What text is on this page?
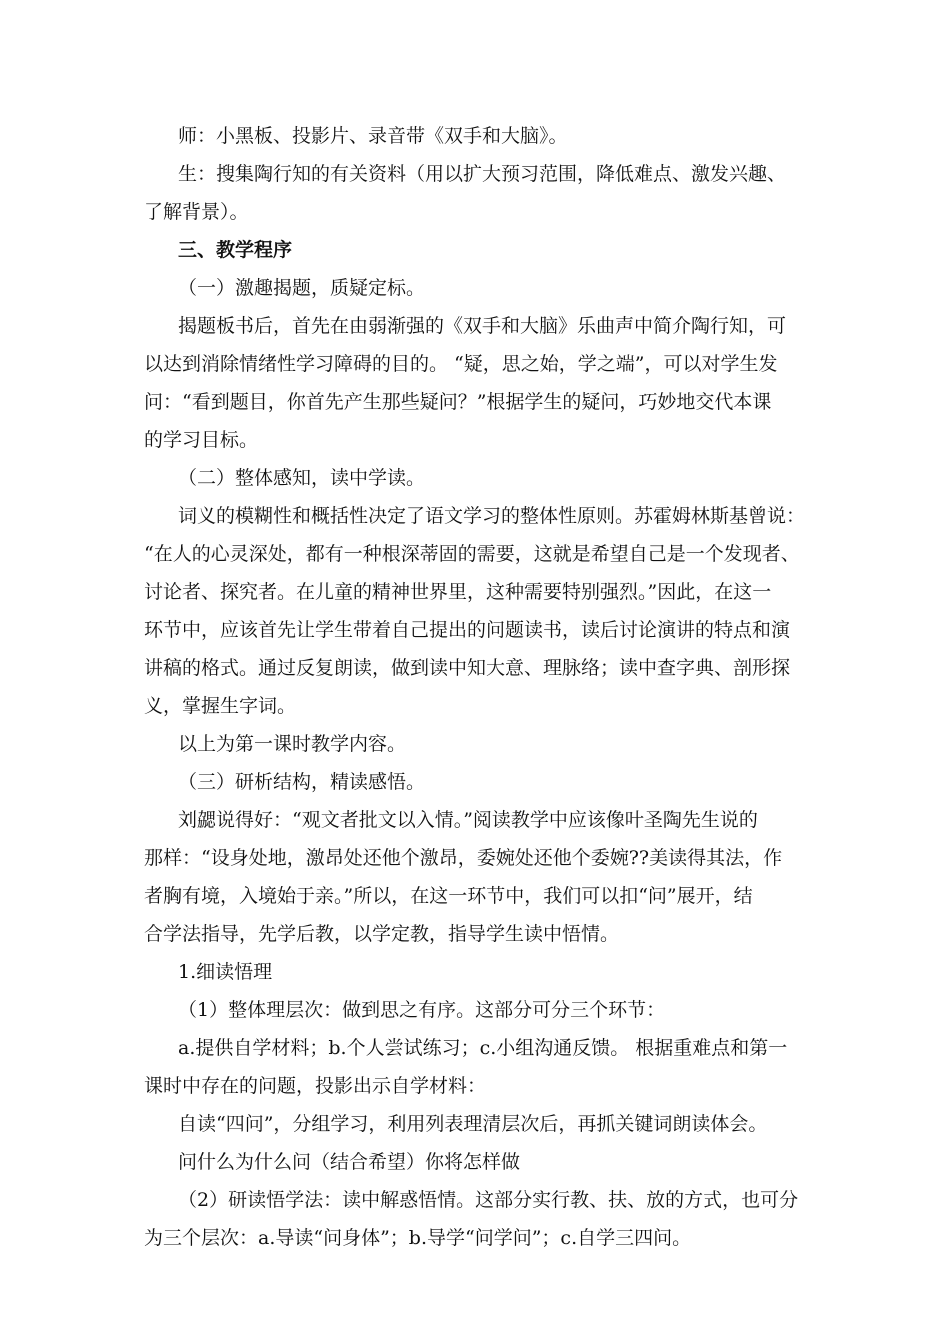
师：小黑板、投影片、录音带《双手和大脑》。
生：搜集陶行知的有关资料（用以扩大预习范围，降低难点、激发兴趣、
了解背景）。
三、教学程序
（一）激趣揭题，质疑定标。
揭题板书后，首先在由弱渐强的《双手和大脑》乐曲声中简介陶行知，可
以达到消除情绪性学习障碍的目的。 “疑，思之始，学之端”，可以对学生发
问：“看到题目，你首先产生那些疑问？”根据学生的疑问，巧妙地交代本课
的学习目标。
（二）整体感知，读中学读。
词义的模糊性和概括性决定了语文学习的整体性原则。苏霍姆林斯基曾说：
“在人的心灵深处，都有一种根深蒂固的需要，这就是希望自己是一个发现者、
讨论者、探究者。在儿童的精神世界里，这种需要特别强烈。”因此，在这一
环节中，应该首先让学生带着自己提出的问题读书，读后讨论演讲的特点和演
讲稿的格式。通过反复朗读，做到读中知大意、理脉络；读中查字典、剖形探
义，掌握生字词。
以上为第一课时教学内容。
（三）研析结构，精读感悟。
刘勰说得好：“观文者批文以入情。”阅读教学中应该像叶圣陶先生说的
那样：“设身处地，激昂处还他个激昂，委婉处还他个委婉??美读得其法，作
者胸有境，入境始于亲。”所以，在这一环节中，我们可以扣“问”展开，结
合学法指导，先学后教，以学定教，指导学生读中悟情。
1.细读悟理
（1）整体理层次：做到思之有序。这部分可分三个环节：
a.提供自学材料；b.个人尝试练习；c.小组沟通反馈。 根据重难点和第一
课时中存在的问题，投影出示自学材料：
自读“四问”，分组学习，利用列表理清层次后，再抓关键词朗读体会。
问什么为什么问（结合希望）你将怎样做
（2）研读悟学法：读中解惑悟情。这部分实行教、扶、放的方式，也可分
为三个层次：a.导读“问身体”；b.导学“问学问”；c.自学三四问。
